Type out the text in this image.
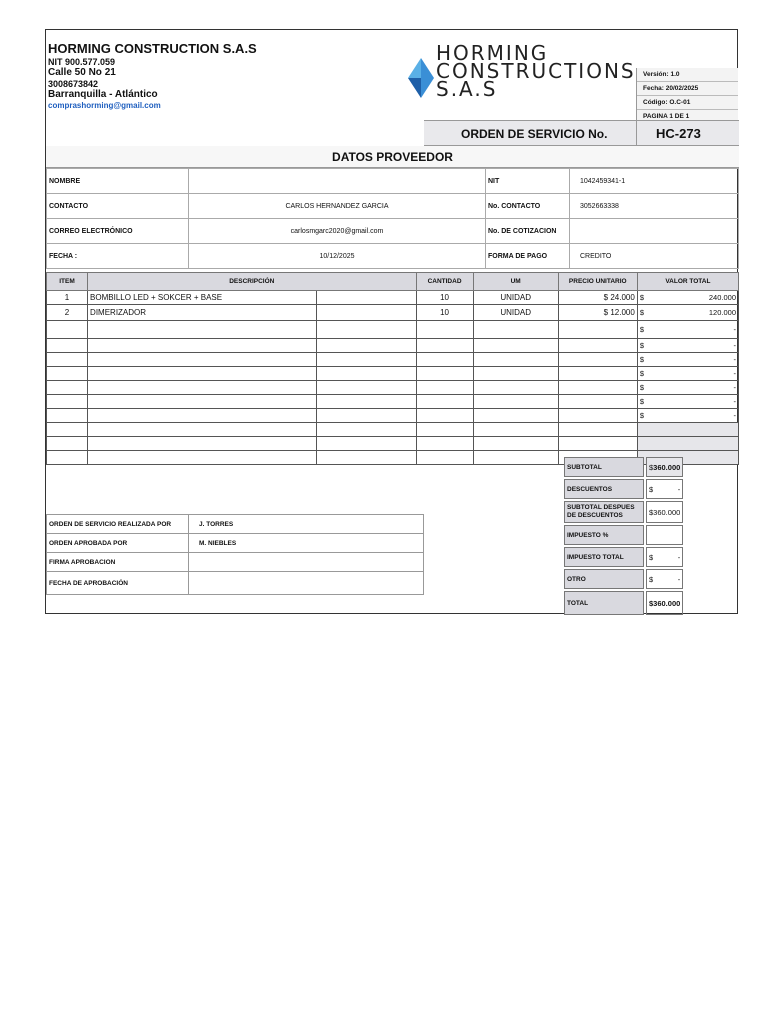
HORMING CONSTRUCTION S.A.S
NIT 900.577.059
Calle 50 No 21
3008673842
Barranquilla - Atlántico
comprashorming@gmail.com
HORMING
CONSTRUCTIONS
S.A.S
Versión: 1.0
Fecha: 20/02/2025
Código: O.C-01
PAGINA 1 DE 1
ORDEN DE SERVICIO No.	HC-273
DATOS PROVEEDOR
NOMBRE		NIT	1042459341-1
CONTACTO	CARLOS HERNANDEZ GARCIA	No. CONTACTO	3052663338
CORREO ELECTRÓNICO	carlosmgarc2020@gmail.com	No. DE COTIZACION	
FECHA :	10/12/2025	FORMA DE PAGO	CREDITO
ITEM	DESCRIPCIÓN		CANTIDAD	UM	PRECIO UNITARIO	VALOR TOTAL
1	BOMBILLO LED + SOKCER + BASE		10	UNIDAD	$ 24.000	$ 240.000

2	DIMERIZADOR		10	UNIDAD	$ 12.000	$ 120.000

						$ -

						$ -

						$ -

						$ -

						$ -

						$ -

						$ -

SUBTOTAL	$ 360.000

DESCUENTOS	$ -

SUBTOTAL DESPUES DE DESCUENTOS	$ 360.000

IMPUESTO %	
IMPUESTO TOTAL	$ -

OTRO	$ -

TOTAL	$ 360.000
ORDEN DE SERVICIO REALIZADA POR	J. TORRES
ORDEN APROBADA POR	M. NIEBLES
FIRMA APROBACION	
FECHA DE APROBACIÓN	
